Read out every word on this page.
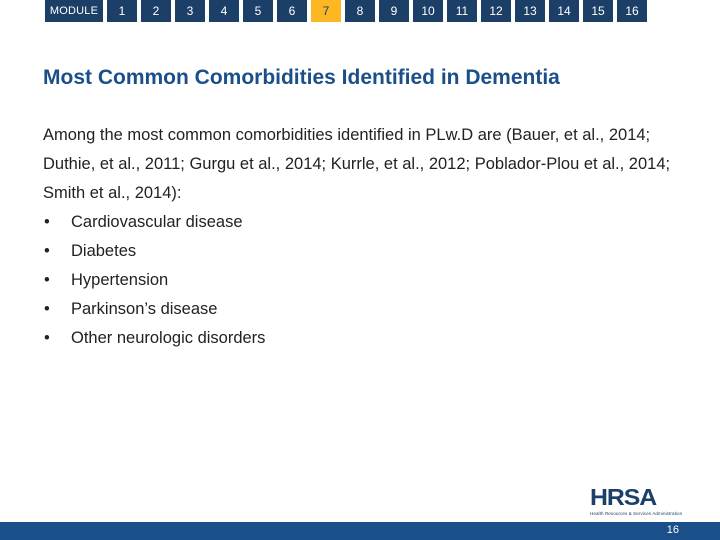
MODULE	1	2	3	4	5	6	7	8	9	10	11	12	13	14	15	16
Most Common Comorbidities Identified in Dementia

Among the most common comorbidities identified in PLw.D are (Bauer, et al., 2014; Duthie, et al., 2011; Gurgu et al., 2014; Kurrle, et al., 2012; Poblador-Plou et al., 2014; Smith et al., 2014):

•	Cardiovascular disease
•	Diabetes
•	Hypertension
•	Parkinson’s disease
•	Other neurologic disorders
HRSA
Health Resources & Services Administration
16
